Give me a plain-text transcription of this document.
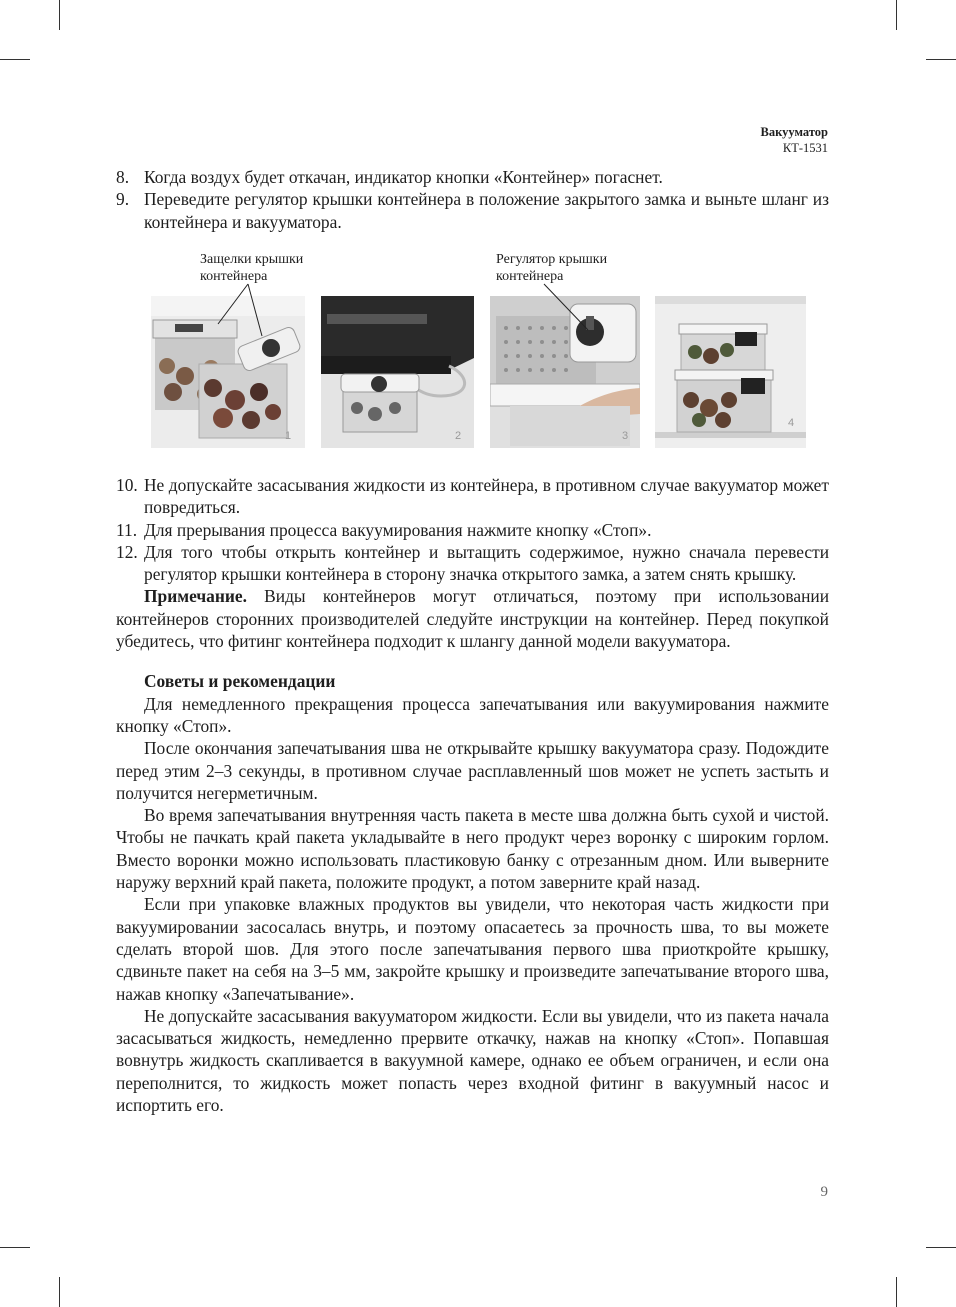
Вакууматор
КТ-1531
8. Когда воздух будет откачан, индикатор кнопки «Контейнер» погаснет.
9. Переведите регулятор крышки контейнера в положение закрытого замка и выньте шланг из контейнера и вакууматора.
Защелки крышки контейнера
Регулятор крышки контейнера
1	2	3
4
10. Не допускайте засасывания жидкости из контейнера, в противном случае вакууматор может повредиться.
11. Для прерывания процесса вакуумирования нажмите кнопку «Стоп».
12. Для того чтобы открыть контейнер и вытащить содержимое, нужно сначала перевести регулятор крышки контейнера в сторону значка открытого замка, а затем снять крышку.

Примечание. Виды контейнеров могут отличаться, поэтому при использовании контейнеров сторонних производителей следуйте инструкции на контейнер. Перед покупкой убедитесь, что фитинг контейнера подходит к шлангу данной модели вакууматора.

Советы и рекомендации

Для немедленного прекращения процесса запечатывания или вакуумирования нажмите кнопку «Стоп».

После окончания запечатывания шва не открывайте крышку вакууматора сразу. Подождите перед этим 2–3 секунды, в противном случае расплавленный шов может не успеть застыть и получится негерметичным.

Во время запечатывания внутренняя часть пакета в месте шва должна быть сухой и чистой. Чтобы не пачкать край пакета укладывайте в него продукт через воронку с широким горлом. Вместо воронки можно использовать пластиковую банку с отрезанным дном. Или выверните наружу верхний край пакета, положите продукт, а потом заверните край назад.

Если при упаковке влажных продуктов вы увидели, что некоторая часть жидкости при вакуумировании засосалась внутрь, и поэтому опасаетесь за прочность шва, то вы можете сделать второй шов. Для этого после запечатывания первого шва приоткройте крышку, сдвиньте пакет на себя на 3–5 мм, закройте крышку и произведите запечатывание второго шва, нажав кнопку «Запечатывание».

Не допускайте засасывания вакууматором жидкости. Если вы увидели, что из пакета начала засасываться жидкость, немедленно прервите откачку, нажав на кнопку «Стоп». Попавшая вовнутрь жидкость скапливается в вакуумной камере, однако ее объем ограничен, и если она переполнится, то жидкость может попасть через входной фитинг в вакуумный насос и испортить его.

9
